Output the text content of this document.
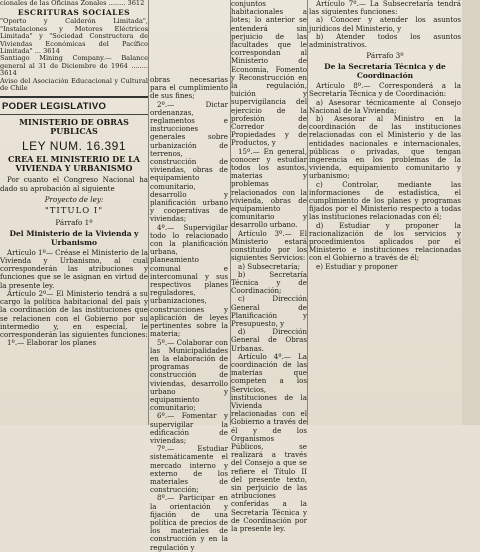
cionales de las Oficinas Zonales ........ 3612

ESCRITURAS SOCIALES

"Oporto y Calderón Limitada", "Instalaciones y Motores Eléctricos Limitada" y "Sociedad Constructora de Viviendas Económicas del Pacífico Limitada" ... 3614

Santiago Mining Company.— Balance general al 31 de Diciembre de 1964 ........ 3614

Aviso del Asociación Educacional y Cultural de Chile

PODER LEGISLATIVO
MINISTERIO DE OBRAS PUBLICAS
LEY NUM. 16.391
CREA EL MINISTERIO DE LA VIVIENDA Y URBANISMO

Por cuanto el Congreso Nacional ha dado su aprobación al siguiente

Proyecto de ley:
"TITULO I"
Párrafo 1º
Del Ministerio de la Vivienda y Urbanismo

Artículo 1º— Créase el Ministerio de la Vivienda y Urbanismo, al cual corresponderán las atribuciones y funciones que se le asignan en virtud de la presente ley.

Artículo 2º— El Ministerio tendrá a su cargo la política habitacional del país y la coordinación de las instituciones que se relacionen con el Gobierno por su intermedio y, en especial, le corresponderán las siguientes funciones:

1º.— Elaborar los planes

obras necesarias para el cumplimiento de sus fines;

2º.— Dictar ordenanzas, reglamentos e instrucciones generales sobre urbanización de terrenos, construcción de viviendas, obras de equipamiento comunitario, desarrollo y planificación urbano y cooperativas de viviendas;

4º.— Supervigilar todo lo relacionado con la planificación urbana, planeamiento comunal e intercomunal y sus respectivos planes reguladores, urbanizaciones, construcciones y aplicación de leyes pertinentes sobre la materia;

5º.— Colaborar con las Municipalidades en la elaboración de programas de construcción de viviendas, desarrollo urbano y equipamiento comunitario;

6º.— Fomentar y supervigilar la edificación de viviendas;

7º.— Estudiar sistemáticamente el mercado interno y externo de los materiales de construcción;

8º.— Participar en la orientación y fijación de una política de precios de los materiales de construcción y en la regulación y

Artículo 7º.— La Subsecretaría tendrá las siguientes funciones:

a) Conocer y atender los asuntos jurídicos del Ministerio, y

b) Atender todos los asuntos administrativos.

Párrafo 3º
De la Secretaría Técnica y de Coordinación

Artículo 8º.— Corresponderá a la Secretaría Técnica y de Coordinación:

a) Asesorar técnicamente al Consejo Nacional de la Vivienda;

b) Asesorar al Ministro en la coordinación de las instituciones relacionadas con el Ministerio y de las entidades nacionales e internacionales, públicas o privadas, que tengan ingerencia en los problemas de la vivienda, equipamiento comunitario y urbanismo;

c) Controlar, mediante las informaciones de estadística, el cumplimiento de los planes y programas fijados por el Ministerio respecto a todas las instituciones relacionadas con él;

d) Estudiar y proponer la racionalización de los servicios y procedimientos aplicados por el Ministerio e instituciones relacionadas con el Gobierno a través de él;

e) Estudiar y proponer

conjuntos habitacionales a lotes; lo anterior se entenderá sin perjuicio de las facultades que le correspondan al Ministerio de Economía, Fomento y Reconstrucción en la regulación, tuición y supervigilancia del ejercicio de la profesión de Corredor de Propiedades y de Productos, y

15º.— En general, conocer y estudiar todos los asuntos, materias y problemas relacionados con la vivienda, obras de equipamiento comunitario y desarrollo urbano.

Artículo 3º.— El Ministerio estará constituido por los siguientes Servicios:

a) Subsecretaría;

b) Secretaría Técnica y de Coordinación;

c) Dirección General de Planificación y Presupuesto, y

d) Dirección General de Obras Urbanas.

Artículo 4º.— La coordinación de las materias que competen a los Servicios, instituciones de la Vivienda relacionadas con el Gobierno a través de él y de los Organismos Públicos, se realizará a través del Consejo a que se refiere el Título II del presente texto, sin perjuicio de las atribuciones conferidas a la Secretaría Técnica y de Coordinación por la presente ley.
